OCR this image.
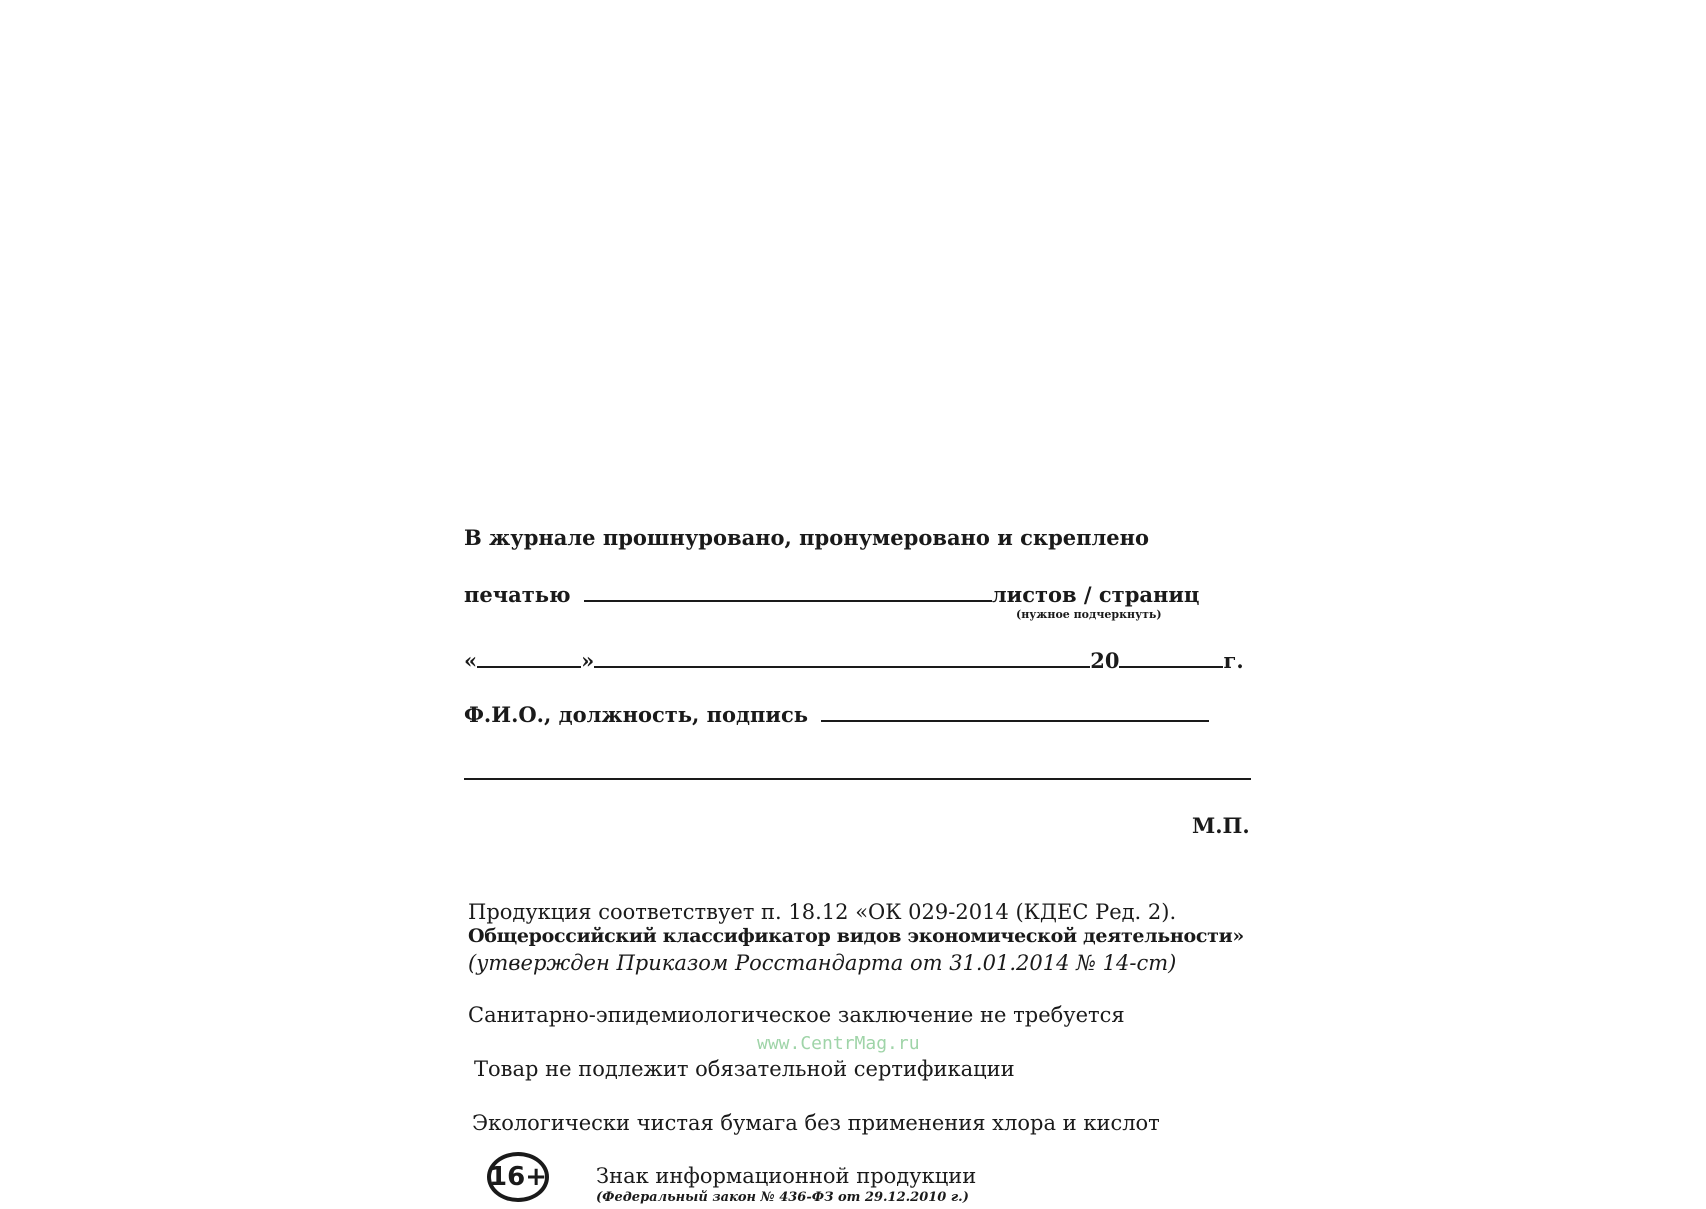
В журнале прошнуровано, пронумеровано и скреплено
печатью	листов / страниц
(нужное подчеркнуть)
«	»	20	г.
Ф.И.О., должность, подпись
М.П.
Продукция соответствует п. 18.12 «ОК 029-2014 (КДЕС Ред. 2).
Общероссийский классификатор видов экономической деятельности»
(утвержден Приказом Росстандарта от 31.01.2014 № 14-ст)
Санитарно-эпидемиологическое заключение не требуется
www.CentrMag.ru
Товар не подлежит обязательной сертификации
Экологически чистая бумага без применения хлора и кислот
16+ Знак информационной продукции
(Федеральный закон № 436-ФЗ от 29.12.2010 г.)
